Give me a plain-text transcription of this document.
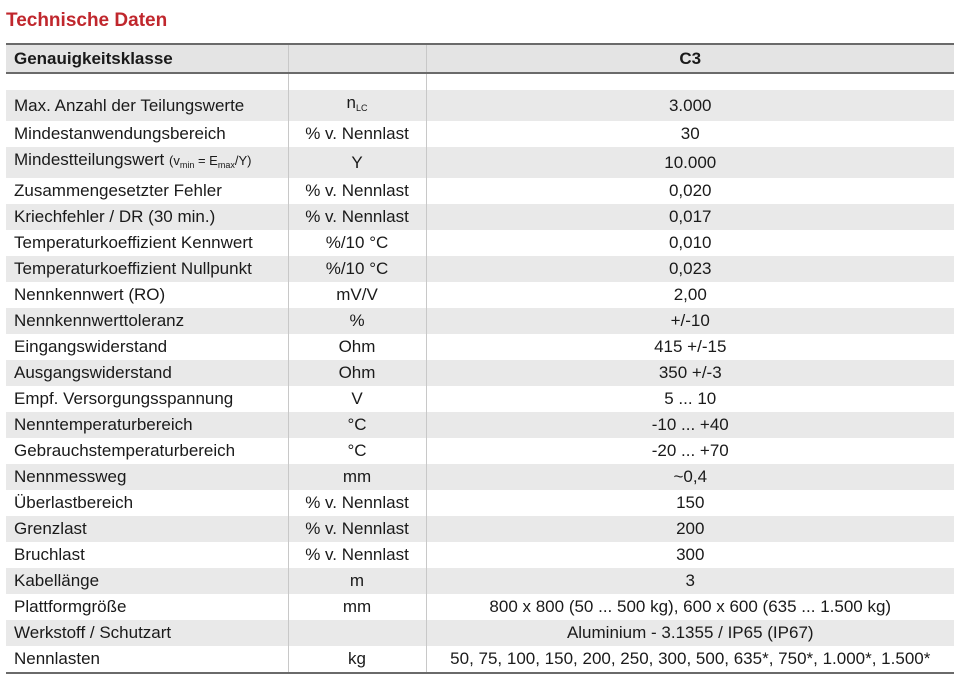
Technische Daten
Genauigkeitsklasse		C3

Max. Anzahl der Teilungswerte	$n_{LC}$	3.000
Mindestanwendungsbereich	% v. Nennlast	30
Mindestteilungswert $(v_{min} = E_{max}/Y)$	Y	10.000
Zusammengesetzter Fehler	% v. Nennlast	0,020
Kriechfehler / DR (30 min.)	% v. Nennlast	0,017
Temperaturkoeffizient Kennwert	%/10 °C	0,010
Temperaturkoeffizient Nullpunkt	%/10 °C	0,023
Nennkennwert (RO)	mV/V	2,00
Nennkennwerttoleranz	%	+/-10
Eingangswiderstand	Ohm	415 +/-15
Ausgangswiderstand	Ohm	350 +/-3
Empf. Versorgungsspannung	V	5 ... 10
Nenntemperaturbereich	°C	-10 ... +40
Gebrauchstemperaturbereich	°C	-20 ... +70
Nennmessweg	mm	~0,4
Überlastbereich	% v. Nennlast	150
Grenzlast	% v. Nennlast	200
Bruchlast	% v. Nennlast	300
Kabellänge	m	3
Plattformgröße	mm	800 x 800 (50 ... 500 kg), 600 x 600 (635 ... 1.500 kg)
Werkstoff / Schutzart		Aluminium - 3.1355 / IP65 (IP67)
Nennlasten	kg	50, 75, 100, 150, 200, 250, 300, 500, 635*, 750*, 1.000*, 1.500*
